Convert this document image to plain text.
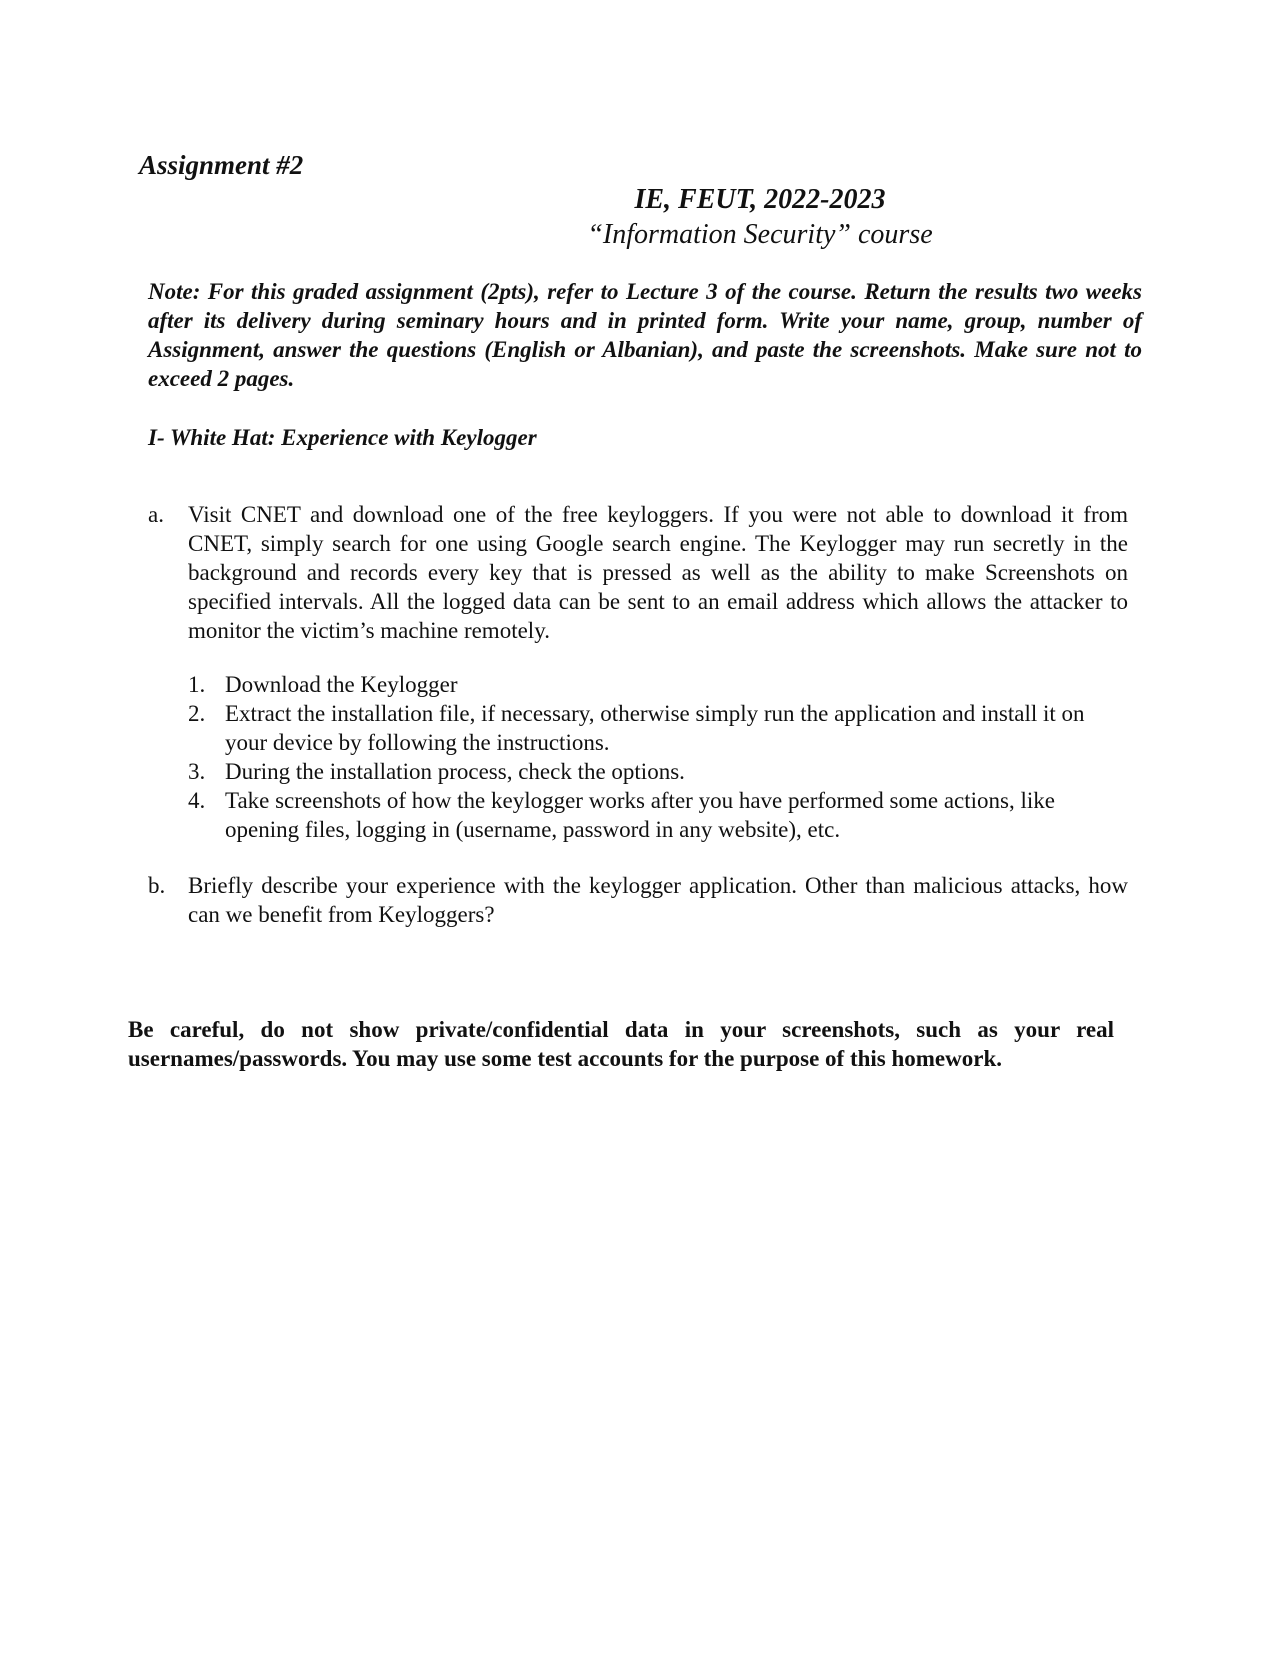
Assignment #2

IE, FEUT, 2022-2023

“Information Security” course

Note: For this graded assignment (2pts), refer to Lecture 3 of the course. Return the results two weeks after its delivery during seminary hours and in printed form. Write your name, group, number of Assignment, answer the questions (English or Albanian), and paste the screenshots. Make sure not to exceed 2 pages.

I- White Hat: Experience with Keylogger
a. Visit CNET and download one of the free keyloggers. If you were not able to download it from CNET, simply search for one using Google search engine. The Keylogger may run secretly in the background and records every key that is pressed as well as the ability to make Screenshots on specified intervals. All the logged data can be sent to an email address which allows the attacker to monitor the victim’s machine remotely.
1. Download the Keylogger
2. Extract the installation file, if necessary, otherwise simply run the application and install it on your device by following the instructions.
3. During the installation process, check the options.
4. Take screenshots of how the keylogger works after you have performed some actions, like opening files, logging in (username, password in any website), etc.
b. Briefly describe your experience with the keylogger application. Other than malicious attacks, how can we benefit from Keyloggers?

Be careful, do not show private/confidential data in your screenshots, such as your real usernames/passwords. You may use some test accounts for the purpose of this homework.
